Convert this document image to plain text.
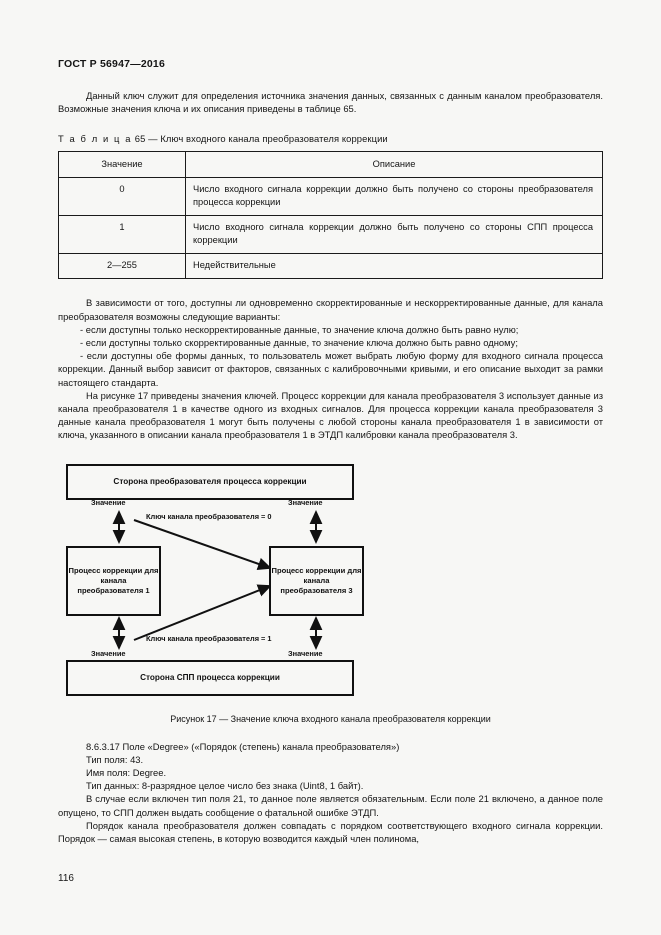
ГОСТ Р 56947—2016

Данный ключ служит для определения источника значения данных, связанных с данным каналом преобразователя. Возможные значения ключа и их описания приведены в таблице 65.

Т а б л и ц а 65 — Ключ входного канала преобразователя коррекции
Значение	Описание
0	Число входного сигнала коррекции должно быть получено со стороны преобразователя процесса коррекции
1	Число входного сигнала коррекции должно быть получено со стороны СПП процесса коррекции
2—255	Недействительные

В зависимости от того, доступны ли одновременно скорректированные и нескорректированные данные, для канала преобразователя возможны следующие варианты:

- если доступны только нескорректированные данные, то значение ключа должно быть равно нулю;

- если доступны только скорректированные данные, то значение ключа должно быть равно одному;

- если доступны обе формы данных, то пользователь может выбрать любую форму для входного сигнала процесса коррекции. Данный выбор зависит от факторов, связанных с калибровочными кривыми, и его описание выходит за рамки настоящего стандарта.

На рисунке 17 приведены значения ключей. Процесс коррекции для канала преобразователя 3 использует данные из канала преобразователя 1 в качестве одного из входных сигналов. Для процесса коррекции канала преобразователя 3 данные канала преобразователя 1 могут быть получены с любой стороны канала преобразователя 1 в зависимости от ключа, указанного в описании канала преобразователя 1 в ЭТДП калибровки канала преобразователя 3.

Сторона преобразователя процесса коррекции
Процесс коррекции для канала преобразователя 1
Процесс коррекции для канала преобразователя 3
Сторона СПП процесса коррекции
Значение	Значение
Значение	Значение
Ключ канала преобразователя = 0
Ключ канала преобразователя = 1
Рисунок 17 — Значение ключа входного канала преобразователя коррекции

8.6.3.17 Поле «Degree» («Порядок (степень) канала преобразователя»)

Тип поля: 43.

Имя поля: Degree.

Тип данных: 8-разрядное целое число без знака (Uint8, 1 байт).

В случае если включен тип поля 21, то данное поле является обязательным. Если поле 21 включено, а данное поле опущено, то СПП должен выдать сообщение о фатальной ошибке ЭТДП.

Порядок канала преобразователя должен совпадать с порядком соответствующего входного сигнала коррекции. Порядок — самая высокая степень, в которую возводится каждый член полинома,

116
